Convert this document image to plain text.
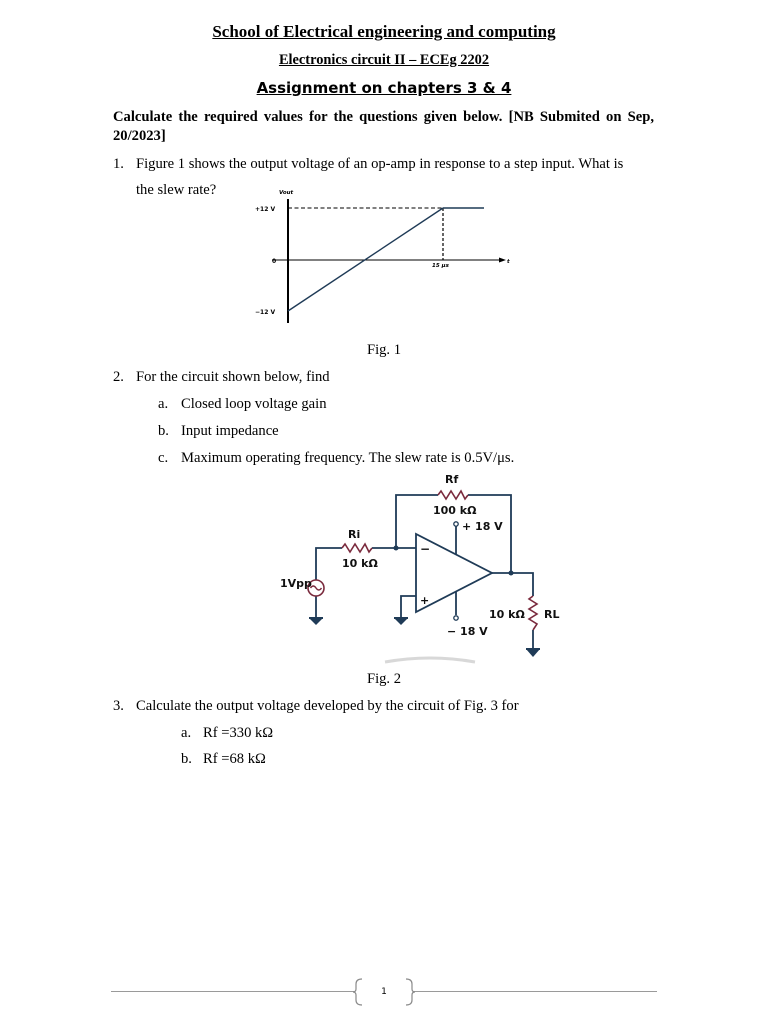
School of Electrical engineering and computing
Electronics circuit II – ECEg 2202
Assignment on chapters 3 & 4
Calculate the required values for the questions given below. [NB Submited on Sep, 20/2023]
1. Figure 1 shows the output voltage of an op-amp in response to a step input. What is
the slew rate?
+12 V
0
−12 V
15 μs
Vout
t
Fig. 1
2. For the circuit shown below, find
a. Closed loop voltage gain
b. Input impedance
c. Maximum operating frequency. The slew rate is 0.5V/μs.
Rf
100 kΩ
+ 18 V
Ri
10 kΩ
1Vpp
−
+
− 18 V
10 kΩ RL
Fig. 2
3. Calculate the output voltage developed by the circuit of Fig. 3 for
a. Rf =330 kΩ
b. Rf =68 kΩ
1
